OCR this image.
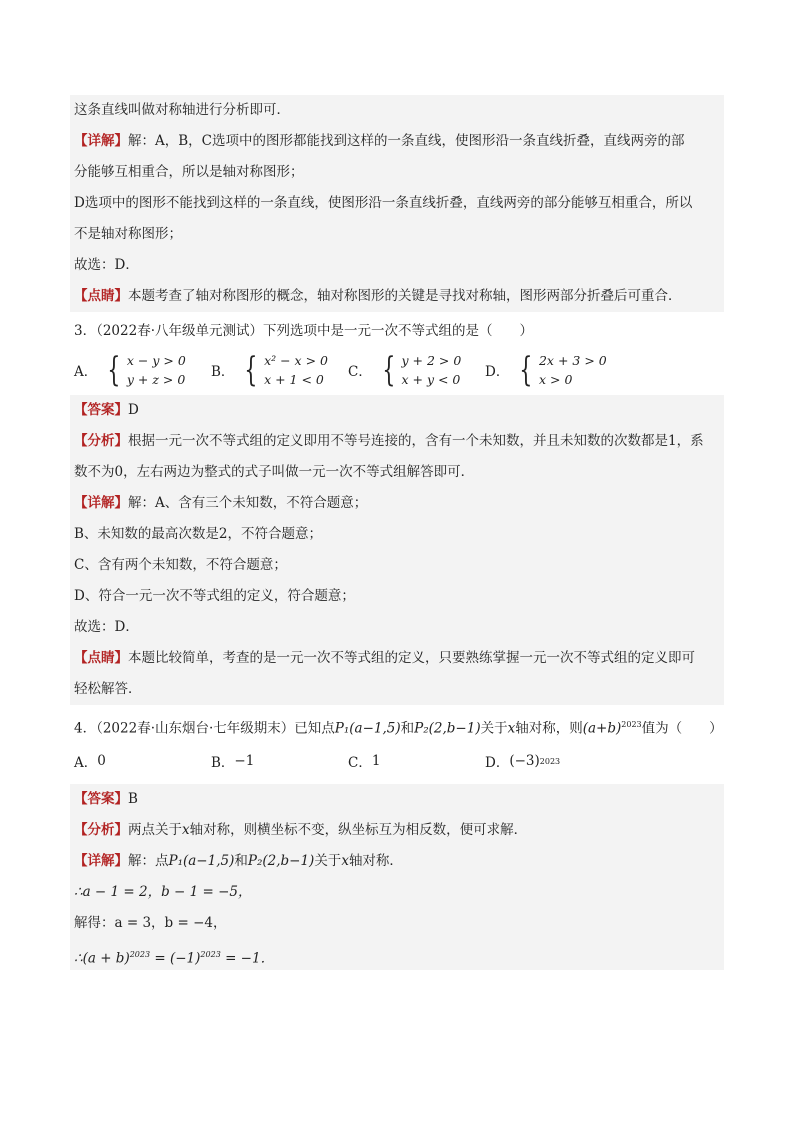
这条直线叫做对称轴进行分析即可．
【详解】解：A，B，C选项中的图形都能找到这样的一条直线，使图形沿一条直线折叠，直线两旁的部
分能够互相重合，所以是轴对称图形；
D选项中的图形不能找到这样的一条直线，使图形沿一条直线折叠，直线两旁的部分能够互相重合，所以
不是轴对称图形；
故选：D．
【点睛】本题考查了轴对称图形的概念，轴对称图形的关键是寻找对称轴，图形两部分折叠后可重合．
3．（2022春·八年级单元测试）下列选项中是一元一次不等式组的是（　　）
A． { x − y > 0
y + z > 0 B． { x² − x > 0
x + 1 < 0	C． { y + 2 > 0
x + y < 0 D． { 2x + 3 > 0
x > 0
【答案】D
【分析】根据一元一次不等式组的定义即用不等号连接的，含有一个未知数，并且未知数的次数都是1，系
数不为0，左右两边为整式的式子叫做一元一次不等式组解答即可．
【详解】解：A、含有三个未知数，不符合题意；
B、未知数的最高次数是2，不符合题意；
C、含有两个未知数，不符合题意；
D、符合一元一次不等式组的定义，符合题意；
故选：D．
【点睛】本题比较简单，考查的是一元一次不等式组的定义，只要熟练掌握一元一次不等式组的定义即可
轻松解答．
4．（2022春·山东烟台·七年级期末）已知点P₁(a−1,5)和P₂(2,b−1)关于x轴对称，则$(a+b)^{2023}$值为（　　）
A． 0	B． −1	C． 1	D． (−3) 2023
【答案】B
【分析】两点关于x轴对称，则横坐标不变，纵坐标互为相反数，便可求解．
【详解】解：点P₁(a−1,5)和P₂(2,b−1)关于x轴对称．
∴a − 1 = 2，b − 1 = −5，
解得：a = 3，b = −4，
∴(a + $b)^{2023} = (-1)^{2023} = -1$．
